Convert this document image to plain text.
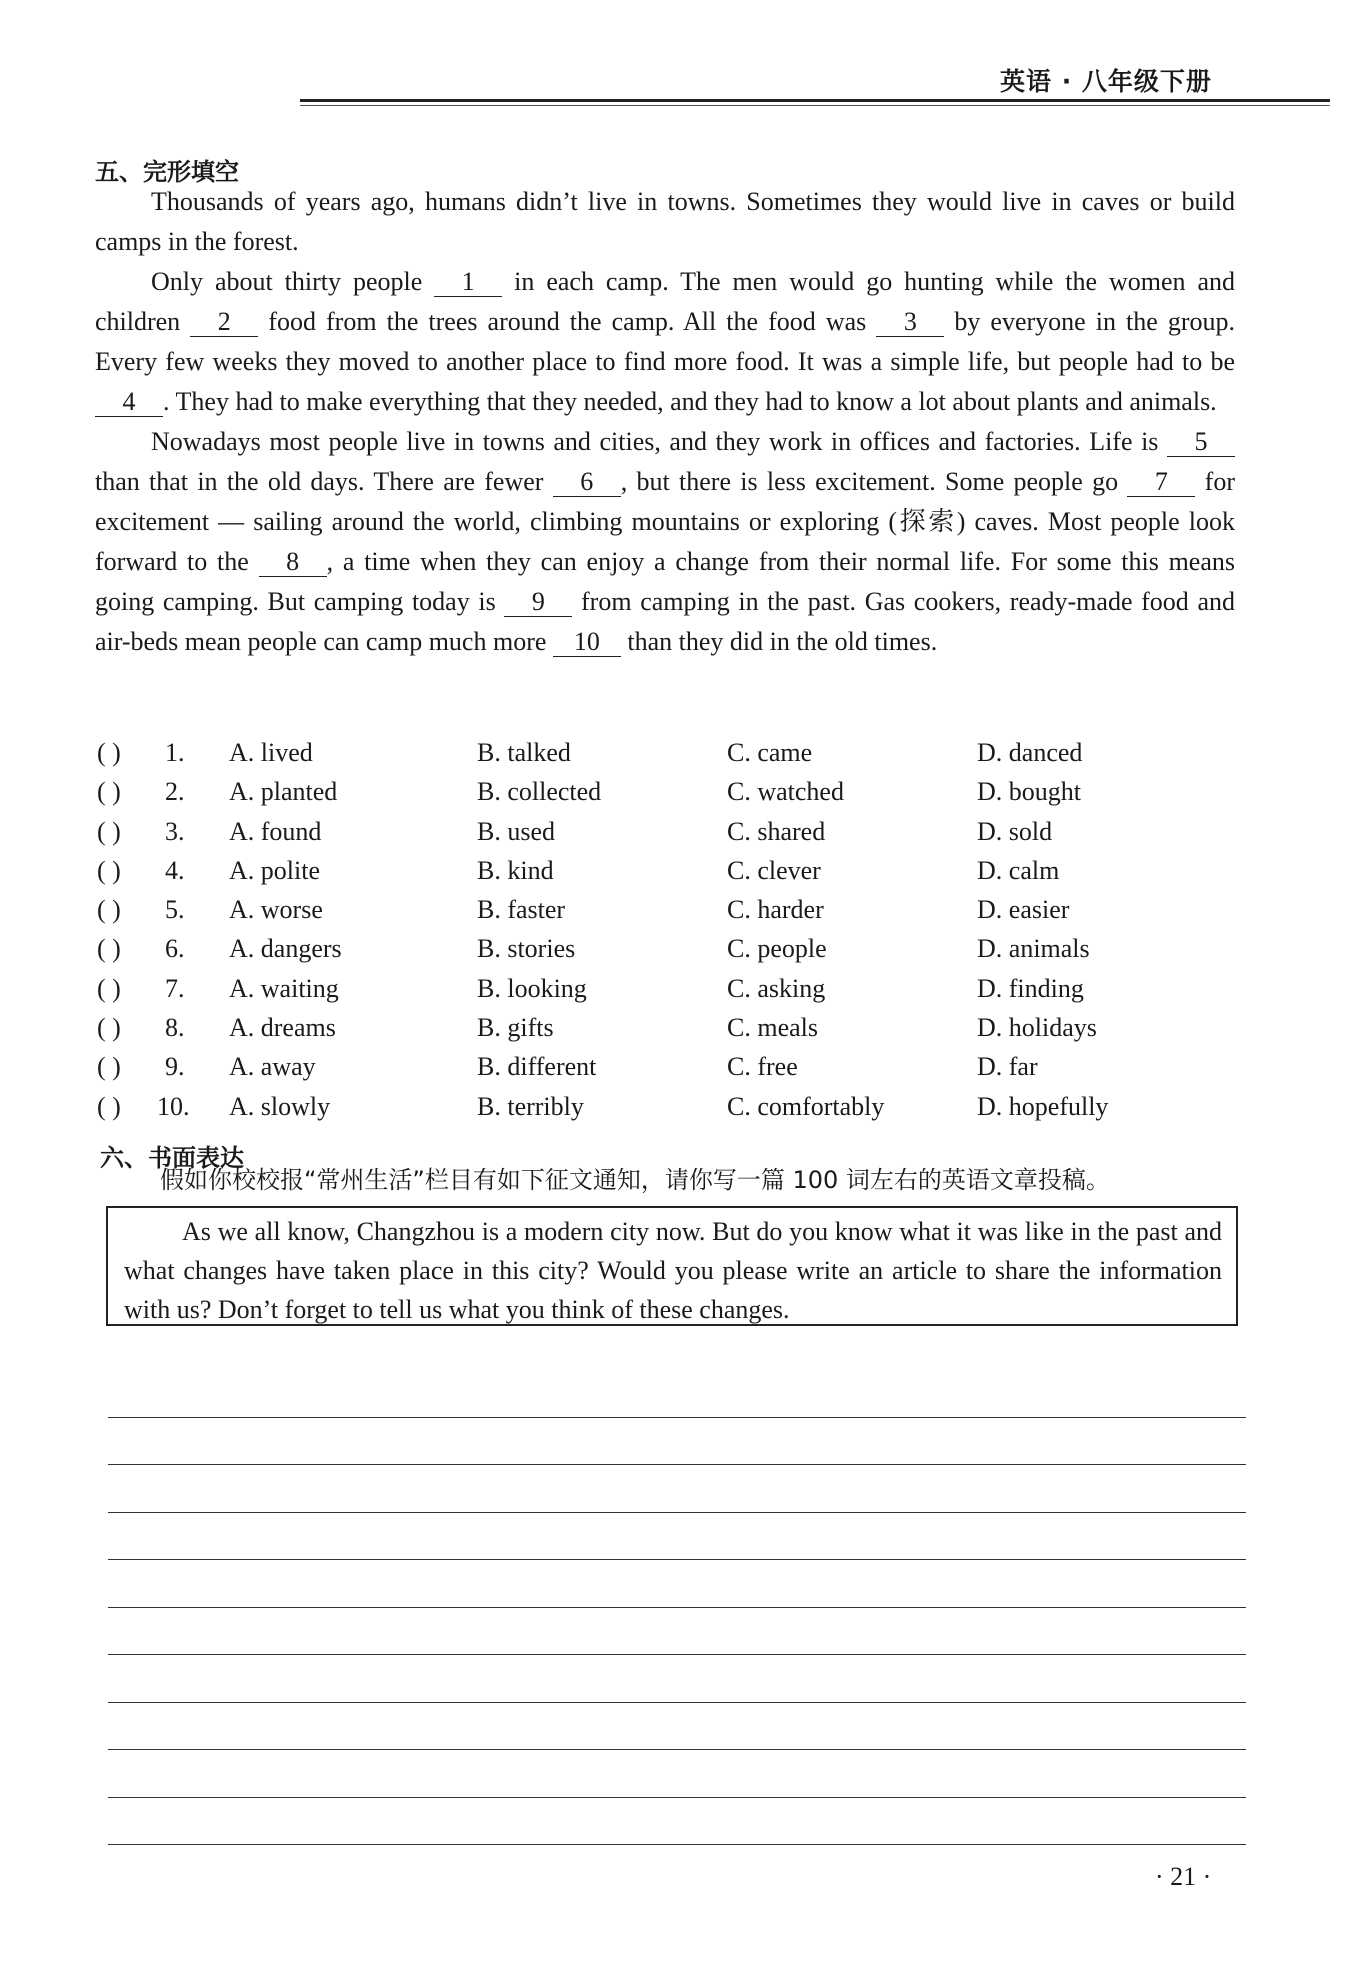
英语 · 八年级下册
五、完形填空

Thousands of years ago, humans didn’t live in towns. Sometimes they would live in caves or build camps in the forest.

Only about thirty people 1 in each camp. The men would go hunting while the women and children 2 food from the trees around the camp. All the food was 3 by everyone in the group. Every few weeks they moved to another place to find more food. It was a simple life, but people had to be 4 . They had to make everything that they needed, and they had to know a lot about plants and animals.

Nowadays most people live in towns and cities, and they work in offices and factories. Life is 5 than that in the old days. There are fewer 6 , but there is less excitement. Some people go 7 for excitement — sailing around the world, climbing mountains or exploring (探索) caves. Most people look forward to the 8 , a time when they can enjoy a change from their normal life. For some this means going camping. But camping today is 9 from camping in the past. Gas cookers, ready-made food and air-beds mean people can camp much more 10 than they did in the old times.

( ) 1. A. lived	B. talked	C. came	D. danced
( ) 2. A. planted	B. collected	C. watched	D. bought
( ) 3. A. found	B. used	C. shared	D. sold
( ) 4. A. polite	B. kind	C. clever	D. calm
( ) 5. A. worse	B. faster	C. harder	D. easier
( ) 6. A. dangers	B. stories	C. people	D. animals
( ) 7. A. waiting	B. looking	C. asking	D. finding
( ) 8. A. dreams	B. gifts	C. meals	D. holidays
( ) 9. A. away	B. different	C. free	D. far
( ) 10. A. slowly	B. terribly	C. comfortably	D. hopefully
六、书面表达
假如你校校报“常州生活”栏目有如下征文通知，请你写一篇 100 词左右的英语文章投稿。

As we all know, Changzhou is a modern city now. But do you know what it was like in the past and what changes have taken place in this city? Would you please write an article to share the information with us? Don’t forget to tell us what you think of these changes.

· 21 ·
